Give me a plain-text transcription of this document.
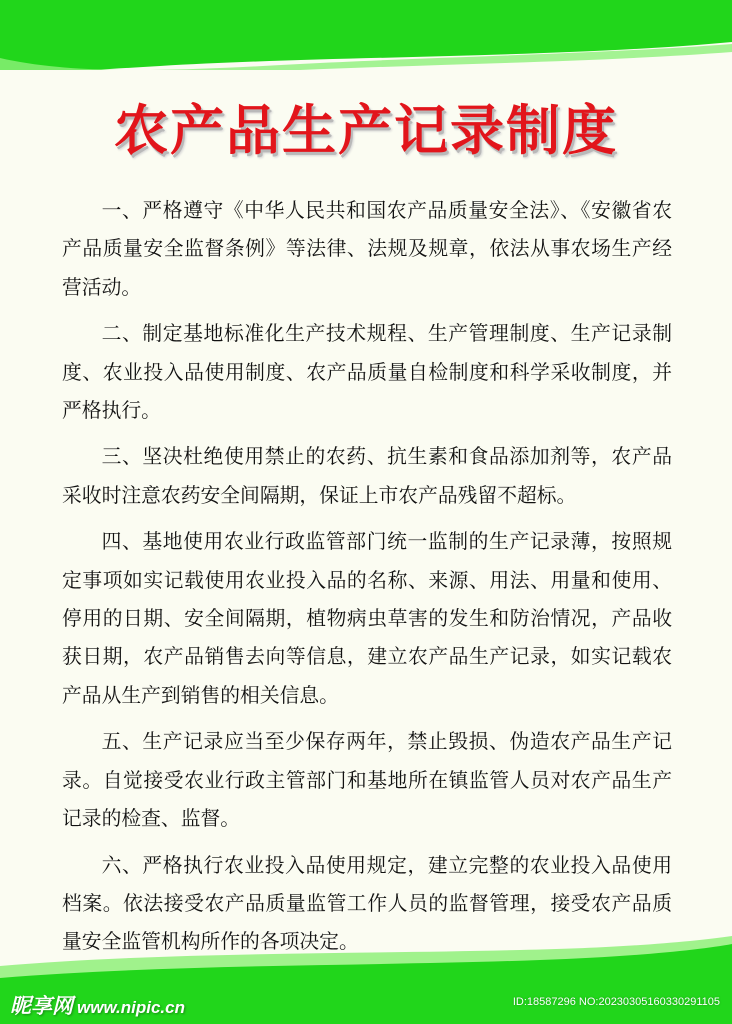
农产品生产记录制度

一、严格遵守《中华人民共和国农产品质量安全法》、《安徽省农产品质量安全监督条例》等法律、法规及规章，依法从事农场生产经营活动。

二、制定基地标准化生产技术规程、生产管理制度、生产记录制度、农业投入品使用制度、农产品质量自检制度和科学采收制度，并严格执行。

三、坚决杜绝使用禁止的农药、抗生素和食品添加剂等，农产品采收时注意农药安全间隔期，保证上市农产品残留不超标。

四、基地使用农业行政监管部门统一监制的生产记录薄，按照规定事项如实记载使用农业投入品的名称、来源、用法、用量和使用、停用的日期、安全间隔期，植物病虫草害的发生和防治情况，产品收获日期，农产品销售去向等信息，建立农产品生产记录，如实记载农产品从生产到销售的相关信息。

五、生产记录应当至少保存两年，禁止毁损、伪造农产品生产记录。自觉接受农业行政主管部门和基地所在镇监管人员对农产品生产记录的检查、监督。

六、严格执行农业投入品使用规定，建立完整的农业投入品使用档案。依法接受农产品质量监管工作人员的监督管理，接受农产品质量安全监管机构所作的各项决定。

昵享网 www.nipic.cn	ID:18587296 NO:20230305160330291105
